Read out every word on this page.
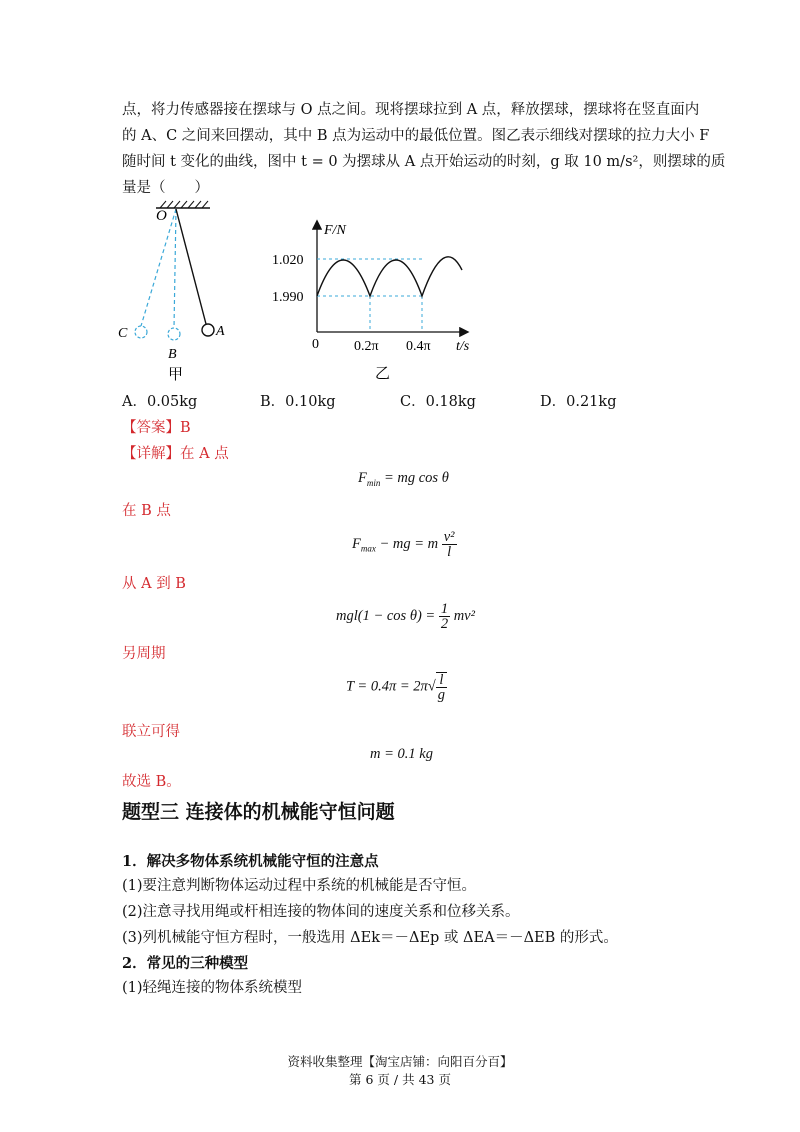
点，将力传感器接在摆球与 O 点之间。现将摆球拉到 A 点，释放摆球，摆球将在竖直面内
的 A、C 之间来回摆动，其中 B 点为运动中的最低位置。图乙表示细线对摆球的拉力大小 F
随时间 t 变化的曲线，图中 t = 0 为摆球从 A 点开始运动的时刻，g 取 10 m/s²，则摆球的质
量是（　　）
O
C
B
A
甲
F/N
t/s
1.020
1.990
0	0.2π 0.4π
乙
A．0.05kg	B．0.10kg	C．0.18kg	D．0.21kg
【答案】B
【详解】在 A 点
$F_{min}$ = mg cos θ
在 B 点
$F_{max}$ − mg = m $\frac{\text{v²}}{l}$
从 A 到 B
$mgl(1 - \cos \theta) = \frac{1}{2} mv^2$
另周期
$T = 0.4\pi = 2\pi√ \frac{l}{g}$
联立可得
m = 0.1 kg
故选 B。
题型三 连接体的机械能守恒问题
1．解决多物体系统机械能守恒的注意点
(1)要注意判断物体运动过程中系统的机械能是否守恒。
(2)注意寻找用绳或杆相连接的物体间的速度关系和位移关系。
(3)列机械能守恒方程时，一般选用 ΔEk＝－ΔEp 或 ΔEA＝－ΔEB 的形式。
2．常见的三种模型
(1)轻绳连接的物体系统模型
资料收集整理【淘宝店铺：向阳百分百】
第 6 页 / 共 43 页
